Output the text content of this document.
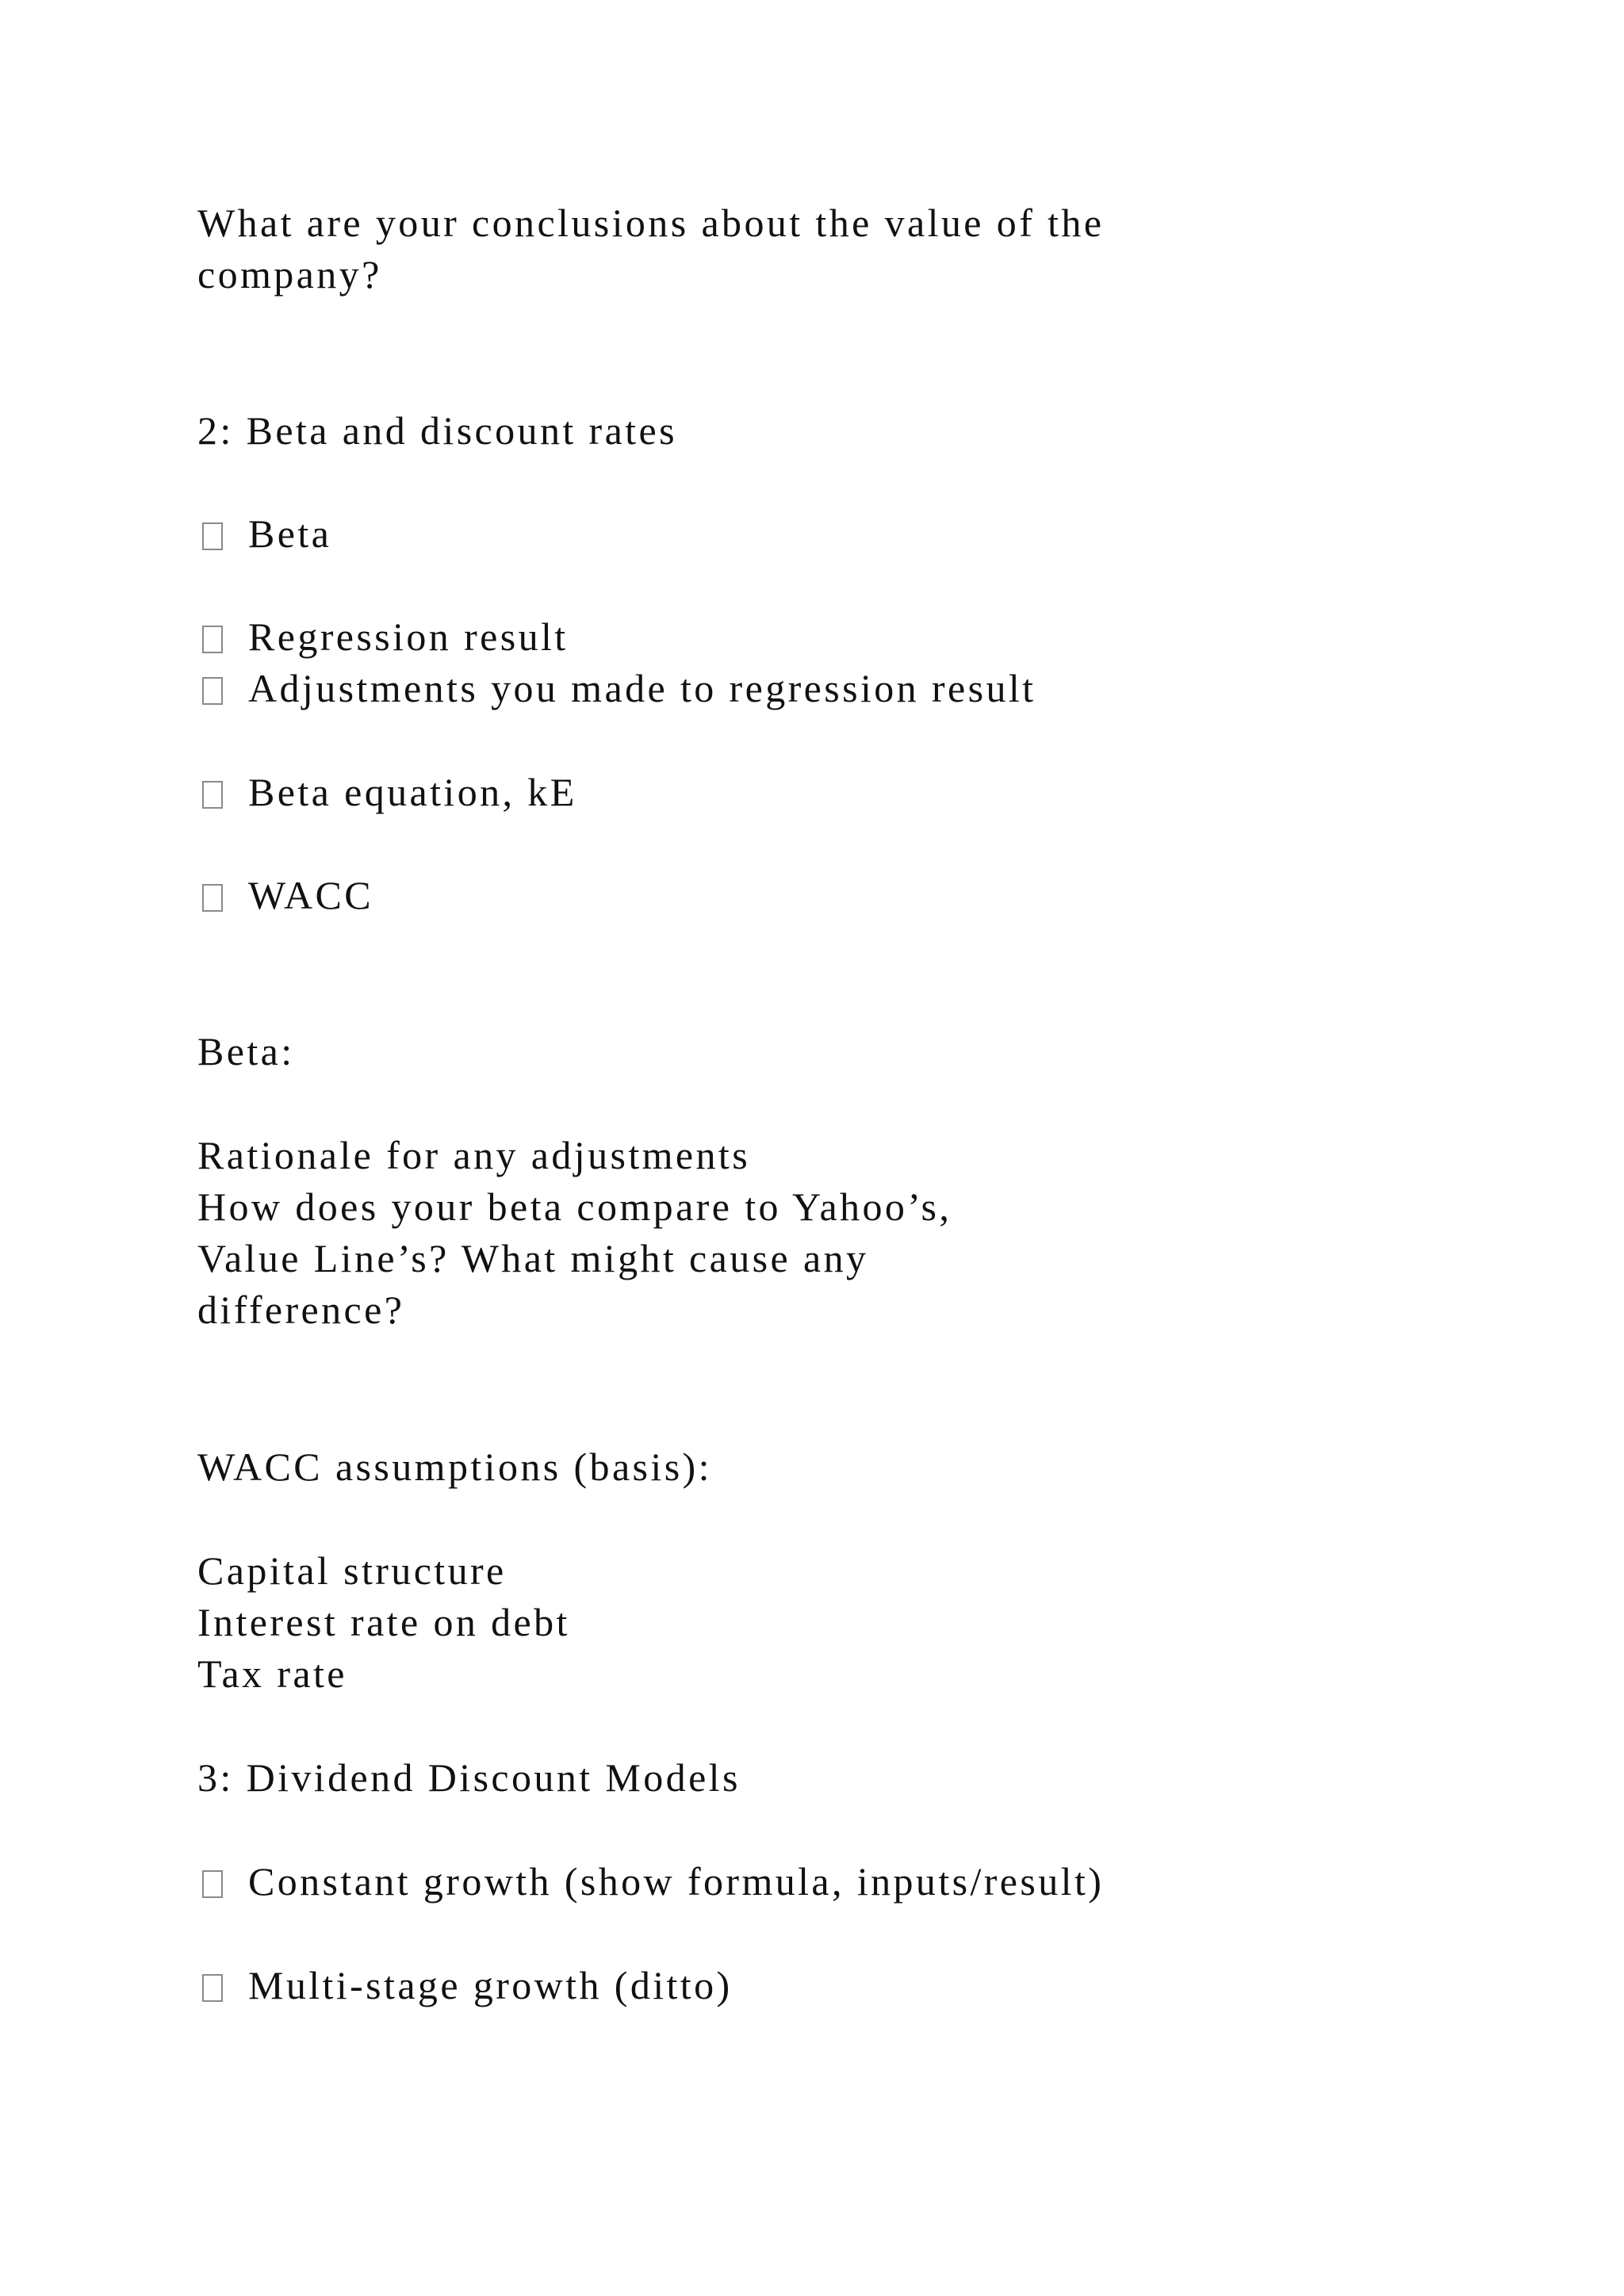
What are your conclusions about the value of the

company?

2: Beta and discount rates

Beta

Regression result

Adjustments you made to regression result

Beta equation, kE

WACC

Beta:

Rationale for any adjustments

How does your beta compare to Yahoo’s,

Value Line’s? What might cause any

difference?

WACC assumptions (basis):

Capital structure

Interest rate on debt

Tax rate

3: Dividend Discount Models

Constant growth (show formula, inputs/result)

Multi-stage growth (ditto)
